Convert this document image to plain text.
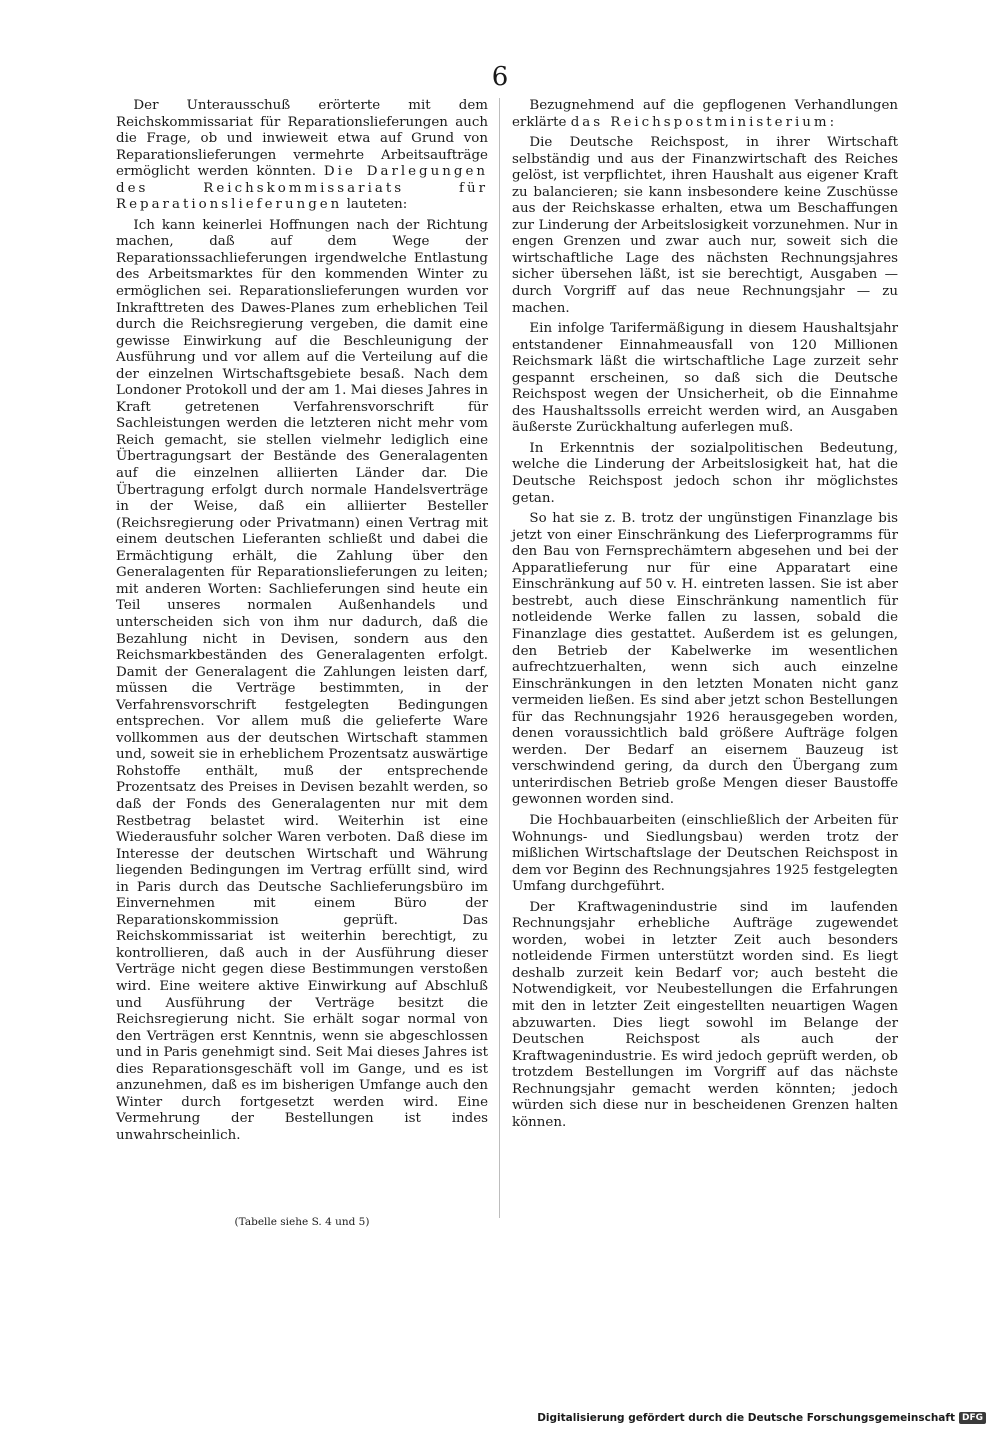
6

Der Unterausschuß erörterte mit dem Reichskommissariat für Reparationslieferungen auch die Frage, ob und inwieweit etwa auf Grund von Reparationslieferungen vermehrte Arbeitsaufträge ermöglicht werden könnten. Die Darlegungen des Reichskommissariats für Reparationslieferungen lauteten:

Ich kann keinerlei Hoffnungen nach der Richtung machen, daß auf dem Wege der Reparationssachlieferungen irgendwelche Entlastung des Arbeitsmarktes für den kommenden Winter zu ermöglichen sei. Reparationslieferungen wurden vor Inkrafttreten des Dawes-Planes zum erheblichen Teil durch die Reichsregierung vergeben, die damit eine gewisse Einwirkung auf die Beschleunigung der Ausführung und vor allem auf die Verteilung auf die der einzelnen Wirtschaftsgebiete besaß. Nach dem Londoner Protokoll und der am 1. Mai dieses Jahres in Kraft getretenen Verfahrensvorschrift für Sachleistungen werden die letzteren nicht mehr vom Reich gemacht, sie stellen vielmehr lediglich eine Übertragungsart der Bestände des Generalagenten auf die einzelnen alliierten Länder dar. Die Übertragung erfolgt durch normale Handelsverträge in der Weise, daß ein alliierter Besteller (Reichsregierung oder Privatmann) einen Vertrag mit einem deutschen Lieferanten schließt und dabei die Ermächtigung erhält, die Zahlung über den Generalagenten für Reparationslieferungen zu leiten; mit anderen Worten: Sachlieferungen sind heute ein Teil unseres normalen Außenhandels und unterscheiden sich von ihm nur dadurch, daß die Bezahlung nicht in Devisen, sondern aus den Reichsmarkbeständen des Generalagenten erfolgt. Damit der Generalagent die Zahlungen leisten darf, müssen die Verträge bestimmten, in der Verfahrensvorschrift festgelegten Bedingungen entsprechen. Vor allem muß die gelieferte Ware vollkommen aus der deutschen Wirtschaft stammen und, soweit sie in erheblichem Prozentsatz auswärtige Rohstoffe enthält, muß der entsprechende Prozentsatz des Preises in Devisen bezahlt werden, so daß der Fonds des Generalagenten nur mit dem Restbetrag belastet wird. Weiterhin ist eine Wiederausfuhr solcher Waren verboten. Daß diese im Interesse der deutschen Wirtschaft und Währung liegenden Bedingungen im Vertrag erfüllt sind, wird in Paris durch das Deutsche Sachlieferungsbüro im Einvernehmen mit einem Büro der Reparationskommission geprüft. Das Reichskommissariat ist weiterhin berechtigt, zu kontrollieren, daß auch in der Ausführung dieser Verträge nicht gegen diese Bestimmungen verstoßen wird. Eine weitere aktive Einwirkung auf Abschluß und Ausführung der Verträge besitzt die Reichsregierung nicht. Sie erhält sogar normal von den Verträgen erst Kenntnis, wenn sie abgeschlossen und in Paris genehmigt sind. Seit Mai dieses Jahres ist dies Reparationsgeschäft voll im Gange, und es ist anzunehmen, daß es im bisherigen Umfange auch den Winter durch fortgesetzt werden wird. Eine Vermehrung der Bestellungen ist indes unwahrscheinlich.

(Tabelle siehe S. 4 und 5)

Bezugnehmend auf die gepflogenen Verhandlungen erklärte das Reichspostministerium:

Die Deutsche Reichspost, in ihrer Wirtschaft selbständig und aus der Finanzwirtschaft des Reiches gelöst, ist verpflichtet, ihren Haushalt aus eigener Kraft zu balancieren; sie kann insbesondere keine Zuschüsse aus der Reichskasse erhalten, etwa um Beschaffungen zur Linderung der Arbeitslosigkeit vorzunehmen. Nur in engen Grenzen und zwar auch nur, soweit sich die wirtschaftliche Lage des nächsten Rechnungsjahres sicher übersehen läßt, ist sie berechtigt, Ausgaben — durch Vorgriff auf das neue Rechnungsjahr — zu machen.

Ein infolge Tarifermäßigung in diesem Haushaltsjahr entstandener Einnahmeausfall von 120 Millionen Reichsmark läßt die wirtschaftliche Lage zurzeit sehr gespannt erscheinen, so daß sich die Deutsche Reichspost wegen der Unsicherheit, ob die Einnahme des Haushaltssolls erreicht werden wird, an Ausgaben äußerste Zurückhaltung auferlegen muß.

In Erkenntnis der sozialpolitischen Bedeutung, welche die Linderung der Arbeitslosigkeit hat, hat die Deutsche Reichspost jedoch schon ihr möglichstes getan.

So hat sie z. B. trotz der ungünstigen Finanzlage bis jetzt von einer Einschränkung des Lieferprogramms für den Bau von Fernsprechämtern abgesehen und bei der Apparatlieferung nur für eine Apparatart eine Einschränkung auf 50 v. H. eintreten lassen. Sie ist aber bestrebt, auch diese Einschränkung namentlich für notleidende Werke fallen zu lassen, sobald die Finanzlage dies gestattet. Außerdem ist es gelungen, den Betrieb der Kabelwerke im wesentlichen aufrechtzuerhalten, wenn sich auch einzelne Einschränkungen in den letzten Monaten nicht ganz vermeiden ließen. Es sind aber jetzt schon Bestellungen für das Rechnungsjahr 1926 herausgegeben worden, denen voraussichtlich bald größere Aufträge folgen werden. Der Bedarf an eisernem Bauzeug ist verschwindend gering, da durch den Übergang zum unterirdischen Betrieb große Mengen dieser Baustoffe gewonnen worden sind.

Die Hochbauarbeiten (einschließlich der Arbeiten für Wohnungs- und Siedlungsbau) werden trotz der mißlichen Wirtschaftslage der Deutschen Reichspost in dem vor Beginn des Rechnungsjahres 1925 festgelegten Umfang durchgeführt.

Der Kraftwagenindustrie sind im laufenden Rechnungsjahr erhebliche Aufträge zugewendet worden, wobei in letzter Zeit auch besonders notleidende Firmen unterstützt worden sind. Es liegt deshalb zurzeit kein Bedarf vor; auch besteht die Notwendigkeit, vor Neubestellungen die Erfahrungen mit den in letzter Zeit eingestellten neuartigen Wagen abzuwarten. Dies liegt sowohl im Belange der Deutschen Reichspost als auch der Kraftwagenindustrie. Es wird jedoch geprüft werden, ob trotzdem Bestellungen im Vorgriff auf das nächste Rechnungsjahr gemacht werden könnten; jedoch würden sich diese nur in bescheidenen Grenzen halten können.

Digitalisierung gefördert durch die Deutsche Forschungsgemeinschaft DFG
